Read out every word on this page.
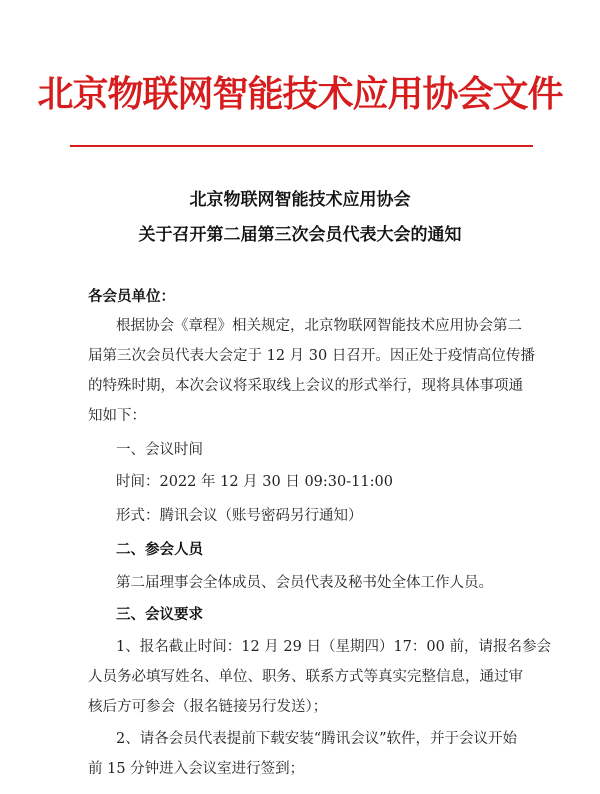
北京物联网智能技术应用协会文件
北京物联网智能技术应用协会
关于召开第二届第三次会员代表大会的通知
各会员单位：
根据协会《章程》相关规定，北京物联网智能技术应用协会第二
届第三次会员代表大会定于 12 月 30 日召开。因正处于疫情高位传播
的特殊时期，本次会议将采取线上会议的形式举行，现将具体事项通
知如下：
一、会议时间
时间：2022 年 12 月 30 日 09:30-11:00
形式：腾讯会议（账号密码另行通知）
二、参会人员
第二届理事会全体成员、会员代表及秘书处全体工作人员。
三、会议要求
1、报名截止时间：12 月 29 日（星期四）17：00 前，请报名参会
人员务必填写姓名、单位、职务、联系方式等真实完整信息，通过审
核后方可参会（报名链接另行发送）；
2、请各会员代表提前下载安装“腾讯会议”软件，并于会议开始
前 15 分钟进入会议室进行签到；
